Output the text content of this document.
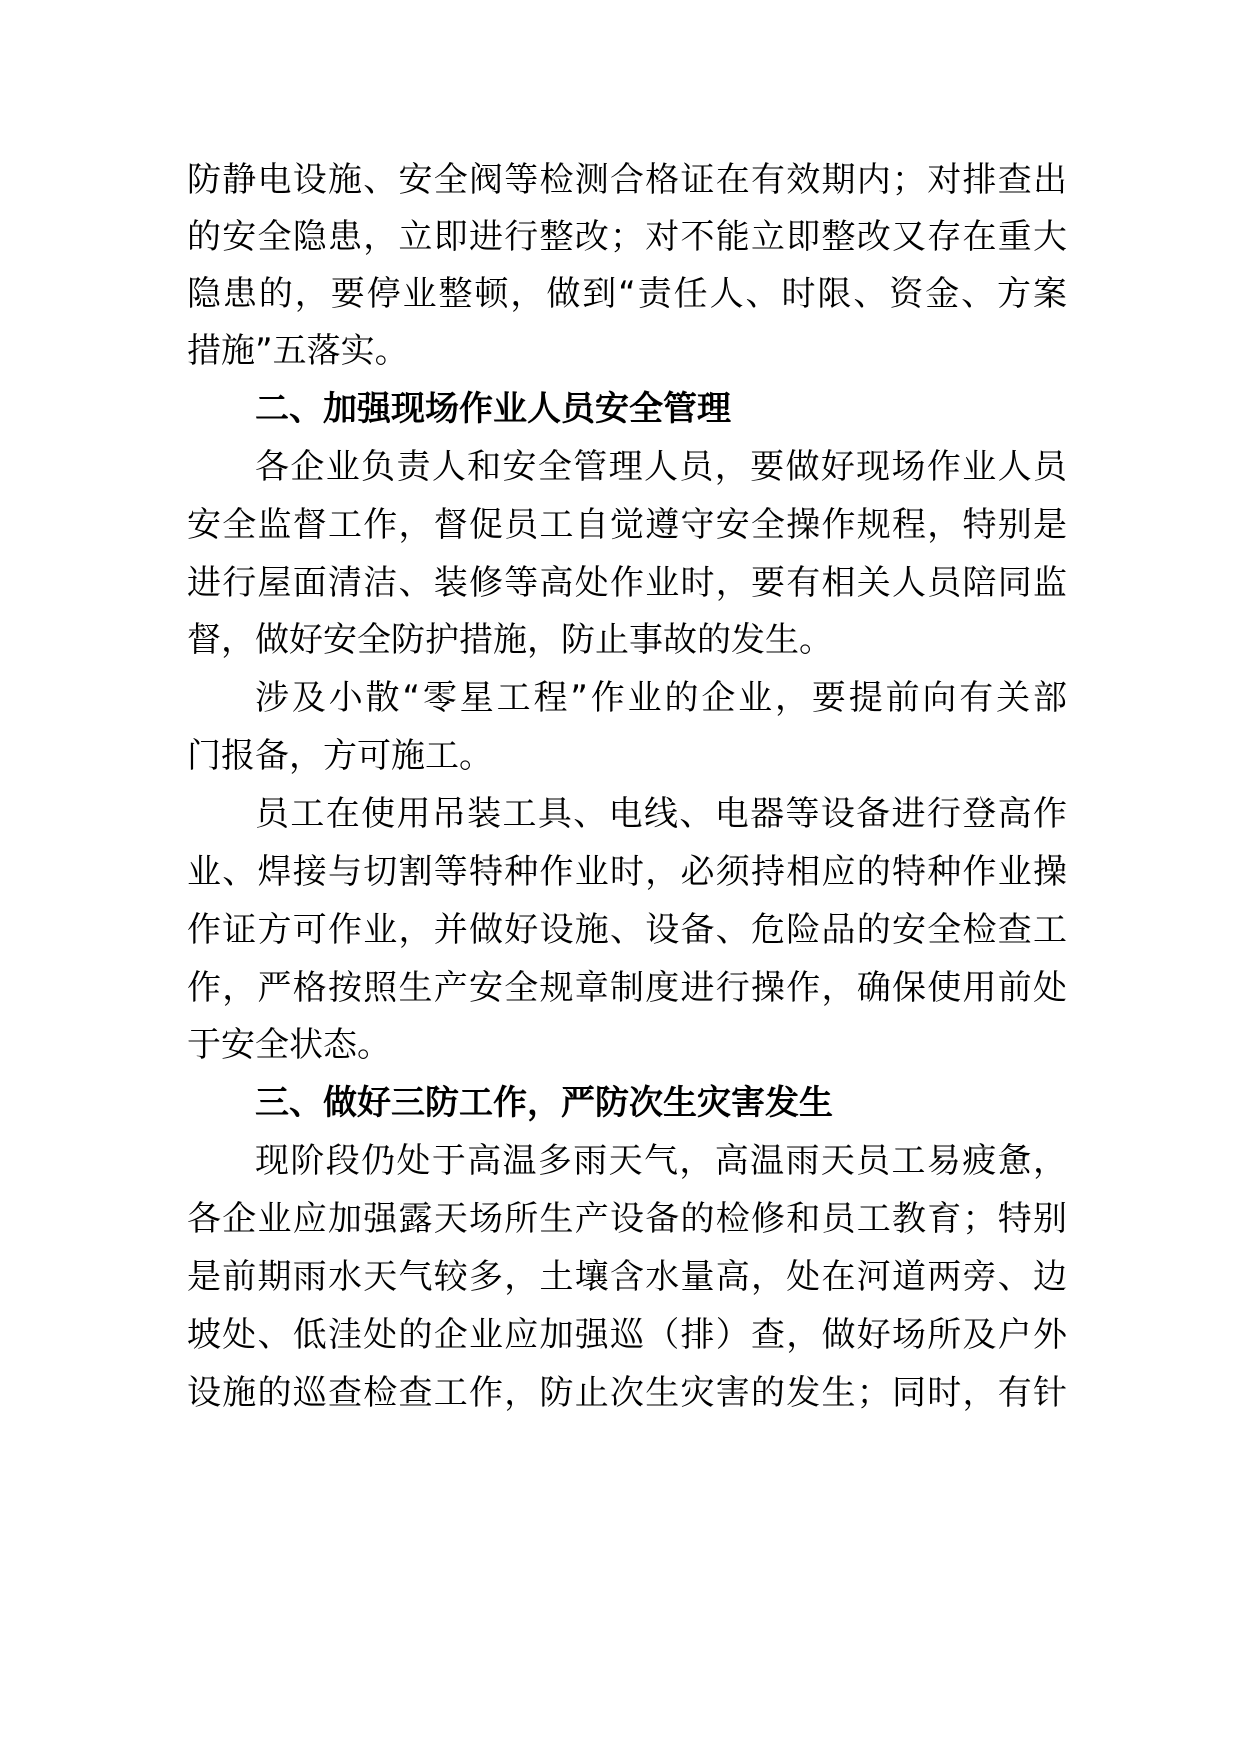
防静电设施、安全阀等检测合格证在有效期内；对排查出
的安全隐患，立即进行整改；对不能立即整改又存在重大
隐患的，要停业整顿，做到“责任人、时限、资金、方案
措施”五落实。
二、加强现场作业人员安全管理
各企业负责人和安全管理人员，要做好现场作业人员
安全监督工作，督促员工自觉遵守安全操作规程，特别是
进行屋面清洁、装修等高处作业时，要有相关人员陪同监
督，做好安全防护措施，防止事故的发生。
涉及小散“零星工程”作业的企业，要提前向有关部
门报备，方可施工。
员工在使用吊装工具、电线、电器等设备进行登高作
业、焊接与切割等特种作业时，必须持相应的特种作业操
作证方可作业，并做好设施、设备、危险品的安全检查工
作，严格按照生产安全规章制度进行操作，确保使用前处
于安全状态。
三、做好三防工作，严防次生灾害发生
现阶段仍处于高温多雨天气，高温雨天员工易疲惫，
各企业应加强露天场所生产设备的检修和员工教育；特别
是前期雨水天气较多，土壤含水量高，处在河道两旁、边
坡处、低洼处的企业应加强巡（排）查，做好场所及户外
设施的巡查检查工作，防止次生灾害的发生；同时，有针
